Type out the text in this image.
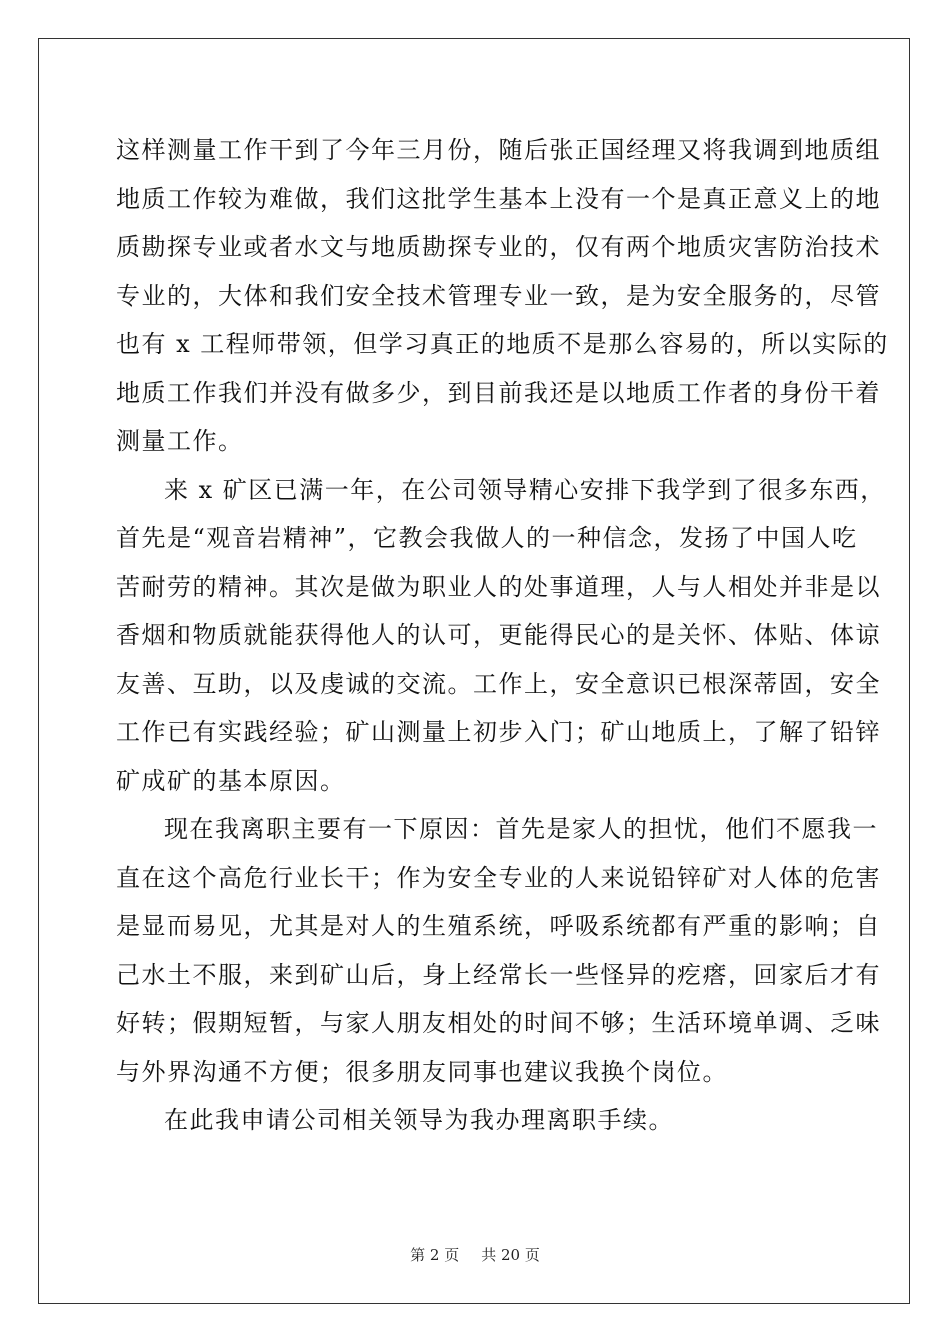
这样测量工作干到了今年三月份，随后张正国经理又将我调到地质组
地质工作较为难做，我们这批学生基本上没有一个是真正意义上的地
质勘探专业或者水文与地质勘探专业的，仅有两个地质灾害防治技术
专业的，大体和我们安全技术管理专业一致，是为安全服务的，尽管
也有 x 工程师带领，但学习真正的地质不是那么容易的，所以实际的
地质工作我们并没有做多少，到目前我还是以地质工作者的身份干着
测量工作。
来 x 矿区已满一年，在公司领导精心安排下我学到了很多东西，
首先是“观音岩精神”，它教会我做人的一种信念，发扬了中国人吃
苦耐劳的精神。其次是做为职业人的处事道理，人与人相处并非是以
香烟和物质就能获得他人的认可，更能得民心的是关怀、体贴、体谅
友善、互助，以及虔诚的交流。工作上，安全意识已根深蒂固，安全
工作已有实践经验；矿山测量上初步入门；矿山地质上，了解了铅锌
矿成矿的基本原因。
现在我离职主要有一下原因：首先是家人的担忧，他们不愿我一
直在这个高危行业长干；作为安全专业的人来说铅锌矿对人体的危害
是显而易见，尤其是对人的生殖系统，呼吸系统都有严重的影响；自
己水土不服，来到矿山后，身上经常长一些怪异的疙瘩，回家后才有
好转；假期短暂，与家人朋友相处的时间不够；生活环境单调、乏味
与外界沟通不方便；很多朋友同事也建议我换个岗位。
在此我申请公司相关领导为我办理离职手续。
第 2 页 共 20 页
